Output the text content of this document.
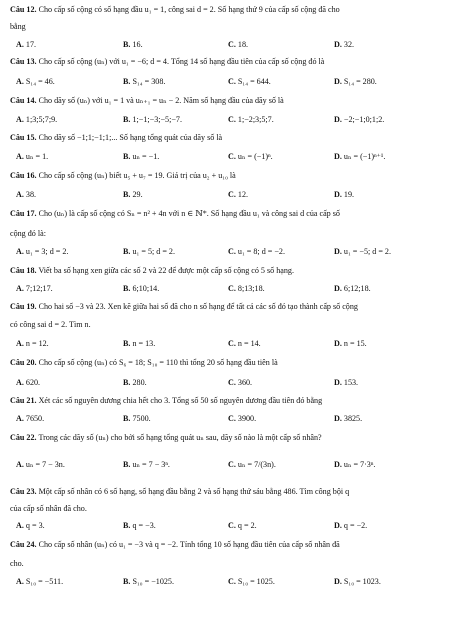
Câu 12. Cho cấp số cộng có số hạng đầu u₁ = 1, công sai d = 2. Số hạng thứ 9 của cấp số cộng đã cho
bằng
A. 17.	B. 16.	C. 18.	D. 32.
Câu 13. Cho cấp số cộng (uₙ) với u₁ = −6; d = 4. Tổng 14 số hạng đầu tiên của cấp số cộng đó là
A. S₁₄ = 46.	B. S₁₄ = 308.	C. S₁₄ = 644.	D. S₁₄ = 280.
Câu 14. Cho dãy số (uₙ) với u₁ = 1 và uₙ₊₁ = uₙ − 2. Năm số hạng đầu của dãy số là
A. 1;3;5;7;9.	B. 1;−1;−3;−5;−7.	C. 1;−2;3;5;7.	D. −2;−1;0;1;2.
Câu 15. Cho dãy số −1;1;−1;1;... Số hạng tổng quát của dãy số là
A. uₙ = 1.	B. uₙ = −1.	C. uₙ = (−1)ⁿ.	D. uₙ = (−1)ⁿ⁺¹.
Câu 16. Cho cấp số cộng (uₙ) biết u₅ + u₇ = 19. Giá trị của u₂ + u₁₀ là
A. 38.	B. 29.	C. 12.	D. 19.
Câu 17. Cho (uₙ) là cấp số cộng có Sₙ = n² + 4n với n ∈ ℕ*. Số hạng đầu u₁ và công sai d của cấp số
cộng đó là:
A. u₁ = 3; d = 2.	B. u₁ = 5; d = 2.	C. u₁ = 8; d = −2.	D. u₁ = −5; d = 2.
Câu 18. Viết ba số hạng xen giữa các số 2 và 22 để được một cấp số cộng có 5 số hạng.
A. 7;12;17.	B. 6;10;14.	C. 8;13;18.	D. 6;12;18.
Câu 19. Cho hai số −3 và 23. Xen kẽ giữa hai số đã cho n số hạng để tất cả các số đó tạo thành cấp số cộng
có công sai d = 2. Tìm n.
A. n = 12.	B. n = 13.	C. n = 14.	D. n = 15.
Câu 20. Cho cấp số cộng (uₙ) có S₆ = 18; S₁₀ = 110 thì tổng 20 số hạng đầu tiên là
A. 620.	B. 280.	C. 360.	D. 153.
Câu 21. Xét các số nguyên dương chia hết cho 3. Tổng số 50 số nguyên dương đầu tiên đó bằng
A. 7650.	B. 7500.	C. 3900.	D. 3825.
Câu 22. Trong các dãy số (uₙ) cho bởi số hạng tổng quát uₙ sau, dãy số nào là một cấp số nhân?
A. uₙ = 7 − 3n.	B. uₙ = 7 − 3ⁿ.	C. uₙ = 7/(3n).	D. uₙ = 7·3ⁿ.
Câu 23. Một cấp số nhân có 6 số hạng, số hạng đầu bằng 2 và số hạng thứ sáu bằng 486. Tìm công bội q
của cấp số nhân đã cho.
A. q = 3.	B. q = −3.	C. q = 2.	D. q = −2.
Câu 24. Cho cấp số nhân (uₙ) có u₁ = −3 và q = −2. Tính tổng 10 số hạng đầu tiên của cấp số nhân đã
cho.
A. S₁₀ = −511.	B. S₁₀ = −1025.	C. S₁₀ = 1025.	D. S₁₀ = 1023.
